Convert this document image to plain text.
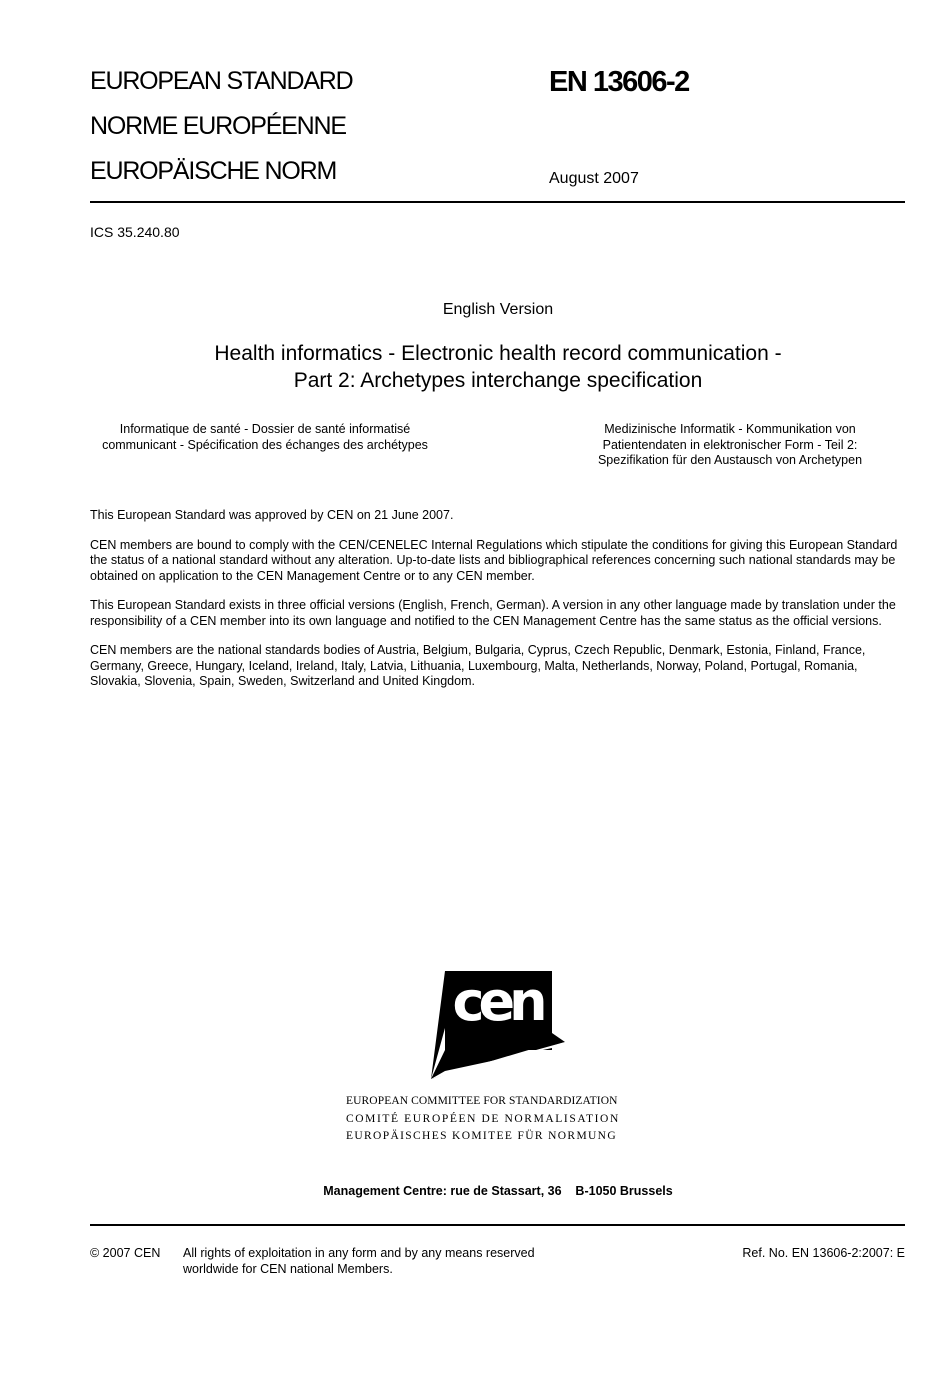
EUROPEAN STANDARD
NORME EUROPÉENNE
EUROPÄISCHE NORM
EN 13606-2
August 2007
ICS 35.240.80
English Version
Health informatics - Electronic health record communication -
Part 2: Archetypes interchange specification
Informatique de santé - Dossier de santé informatisé
communicant - Spécification des échanges des archétypes
Medizinische Informatik - Kommunikation von
Patientendaten in elektronischer Form - Teil 2:
Spezifikation für den Austausch von Archetypen

This European Standard was approved by CEN on 21 June 2007.

CEN members are bound to comply with the CEN/CENELEC Internal Regulations which stipulate the conditions for giving this European Standard the status of a national standard without any alteration. Up-to-date lists and bibliographical references concerning such national standards may be obtained on application to the CEN Management Centre or to any CEN member.

This European Standard exists in three official versions (English, French, German). A version in any other language made by translation under the responsibility of a CEN member into its own language and notified to the CEN Management Centre has the same status as the official versions.

CEN members are the national standards bodies of Austria, Belgium, Bulgaria, Cyprus, Czech Republic, Denmark, Estonia, Finland, France, Germany, Greece, Hungary, Iceland, Ireland, Italy, Latvia, Lithuania, Luxembourg, Malta, Netherlands, Norway, Poland, Portugal, Romania, Slovakia, Slovenia, Spain, Sweden, Switzerland and United Kingdom.

cen
EUROPEAN COMMITTEE FOR STANDARDIZATION
COMITÉ EUROPÉEN DE NORMALISATION
EUROPÄISCHES KOMITEE FÜR NORMUNG
Management Centre: rue de Stassart, 36    B-1050 Brussels
© 2007 CEN All rights of exploitation in any form and by any means reserved
worldwide for CEN national Members.
Ref. No. EN 13606-2:2007: E
